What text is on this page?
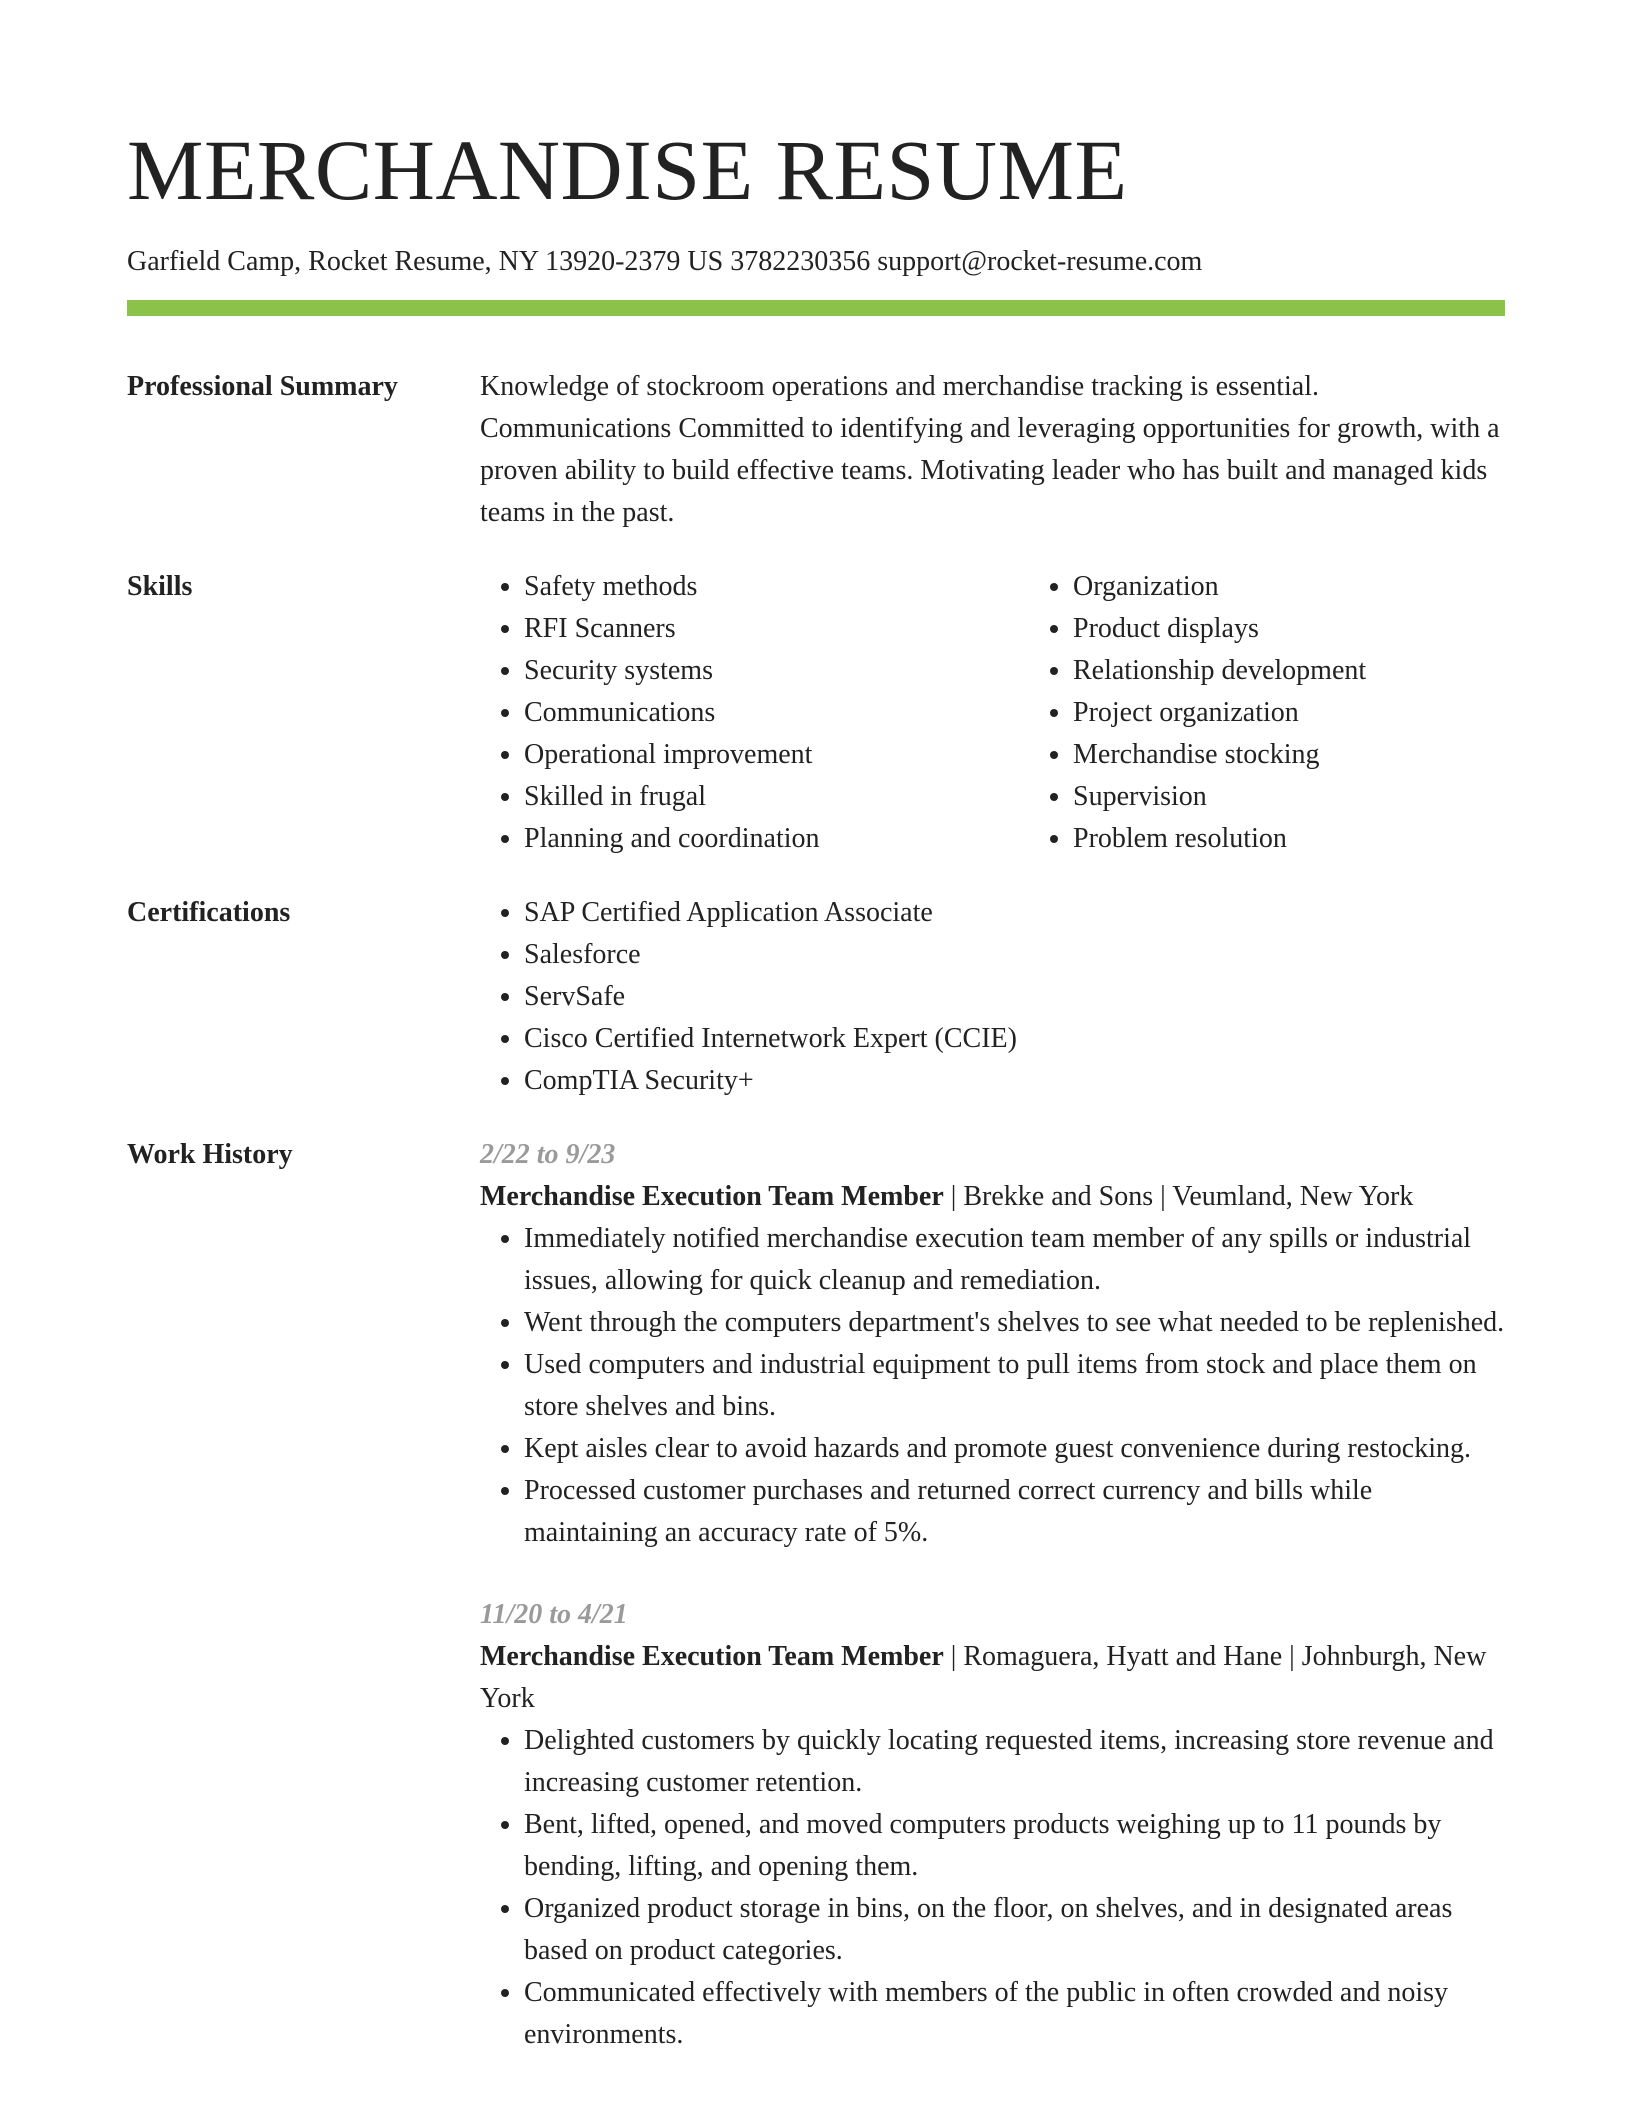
MERCHANDISE RESUME
Garfield Camp, Rocket Resume, NY 13920-2379 US 3782230356 support@rocket-resume.com
Professional Summary	Knowledge of stockroom operations and merchandise tracking is essential. Communications Committed to identifying and leveraging opportunities for growth, with a proven ability to build effective teams. Motivating leader who has built and managed kids teams in the past.
Skills	• Safety methods
• RFI Scanners
• Security systems
• Communications
• Operational improvement
• Skilled in frugal
• Planning and coordination
• Organization
• Product displays
• Relationship development
• Project organization
• Merchandise stocking
• Supervision
• Problem resolution
Certifications	• SAP Certified Application Associate
• Salesforce
• ServSafe
• Cisco Certified Internetwork Expert (CCIE)
• CompTIA Security+
Work History	2/22 to 9/23
Merchandise Execution Team Member | Brekke and Sons | Veumland, New York
• Immediately notified merchandise execution team member of any spills or industrial issues, allowing for quick cleanup and remediation.
• Went through the computers department's shelves to see what needed to be replenished.
• Used computers and industrial equipment to pull items from stock and place them on store shelves and bins.
• Kept aisles clear to avoid hazards and promote guest convenience during restocking.
• Processed customer purchases and returned correct currency and bills while maintaining an accuracy rate of 5%.
11/20 to 4/21
Merchandise Execution Team Member | Romaguera, Hyatt and Hane | Johnburgh, New York
• Delighted customers by quickly locating requested items, increasing store revenue and increasing customer retention.
• Bent, lifted, opened, and moved computers products weighing up to 11 pounds by bending, lifting, and opening them.
• Organized product storage in bins, on the floor, on shelves, and in designated areas based on product categories.
• Communicated effectively with members of the public in often crowded and noisy environments.
